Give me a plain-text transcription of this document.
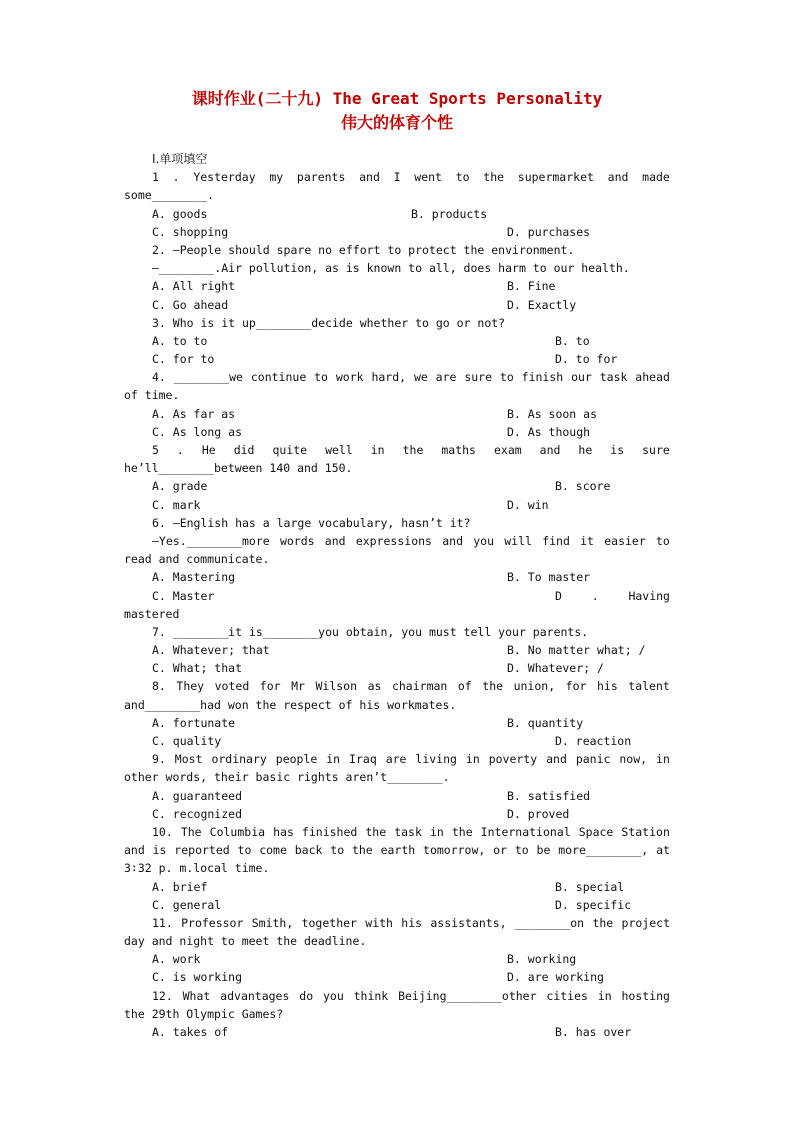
课时作业(二十九) The Great Sports Personality
伟大的体育个性
Ⅰ.单项填空
1 . Yesterday my parents and I went to the supermarket and made
some________.
A. goods	B. products
C. shopping	D. purchases
2. —People should spare no effort to protect the environment.
—________.Air pollution, as is known to all, does harm to our health.
A. All right	B. Fine
C. Go ahead	D. Exactly
3. Who is it up________decide whether to go or not?
A. to to	B. to
C. for to	D. to for
4. ________we continue to work hard, we are sure to finish our task ahead
of time.
A. As far as	B. As soon as
C. As long as	D. As though
5 . He did quite well in the maths exam and he is sure
he’ll________between 140 and 150.
A. grade	B. score
C. mark	D. win
6. —English has a large vocabulary, hasn’t it?
—Yes.________more words and expressions and you will find it easier to
read and communicate.
A. Mastering	B. To master
C. Master	D	.	Having
mastered
7. ________it is________you obtain, you must tell your parents.
A. Whatever; that	B. No matter what; /
C. What; that	D. Whatever; /
8. They voted for Mr Wilson as chairman of the union, for his talent
and________had won the respect of his workmates.
A. fortunate	B. quantity
C. quality	D. reaction
9. Most ordinary people in Iraq are living in poverty and panic now, in
other words, their basic rights aren’t________.
A. guaranteed	B. satisfied
C. recognized	D. proved
10. The Columbia has finished the task in the International Space Station
and is reported to come back to the earth tomorrow, or to be more________, at
3∶32 p. m.local time.
A. brief	B. special
C. general	D. specific
11. Professor Smith, together with his assistants, ________on the project
day and night to meet the deadline.
A. work	B. working
C. is working	D. are working
12. What advantages do you think Beijing________other cities in hosting
the 29th Olympic Games?
A. takes of	B. has over
